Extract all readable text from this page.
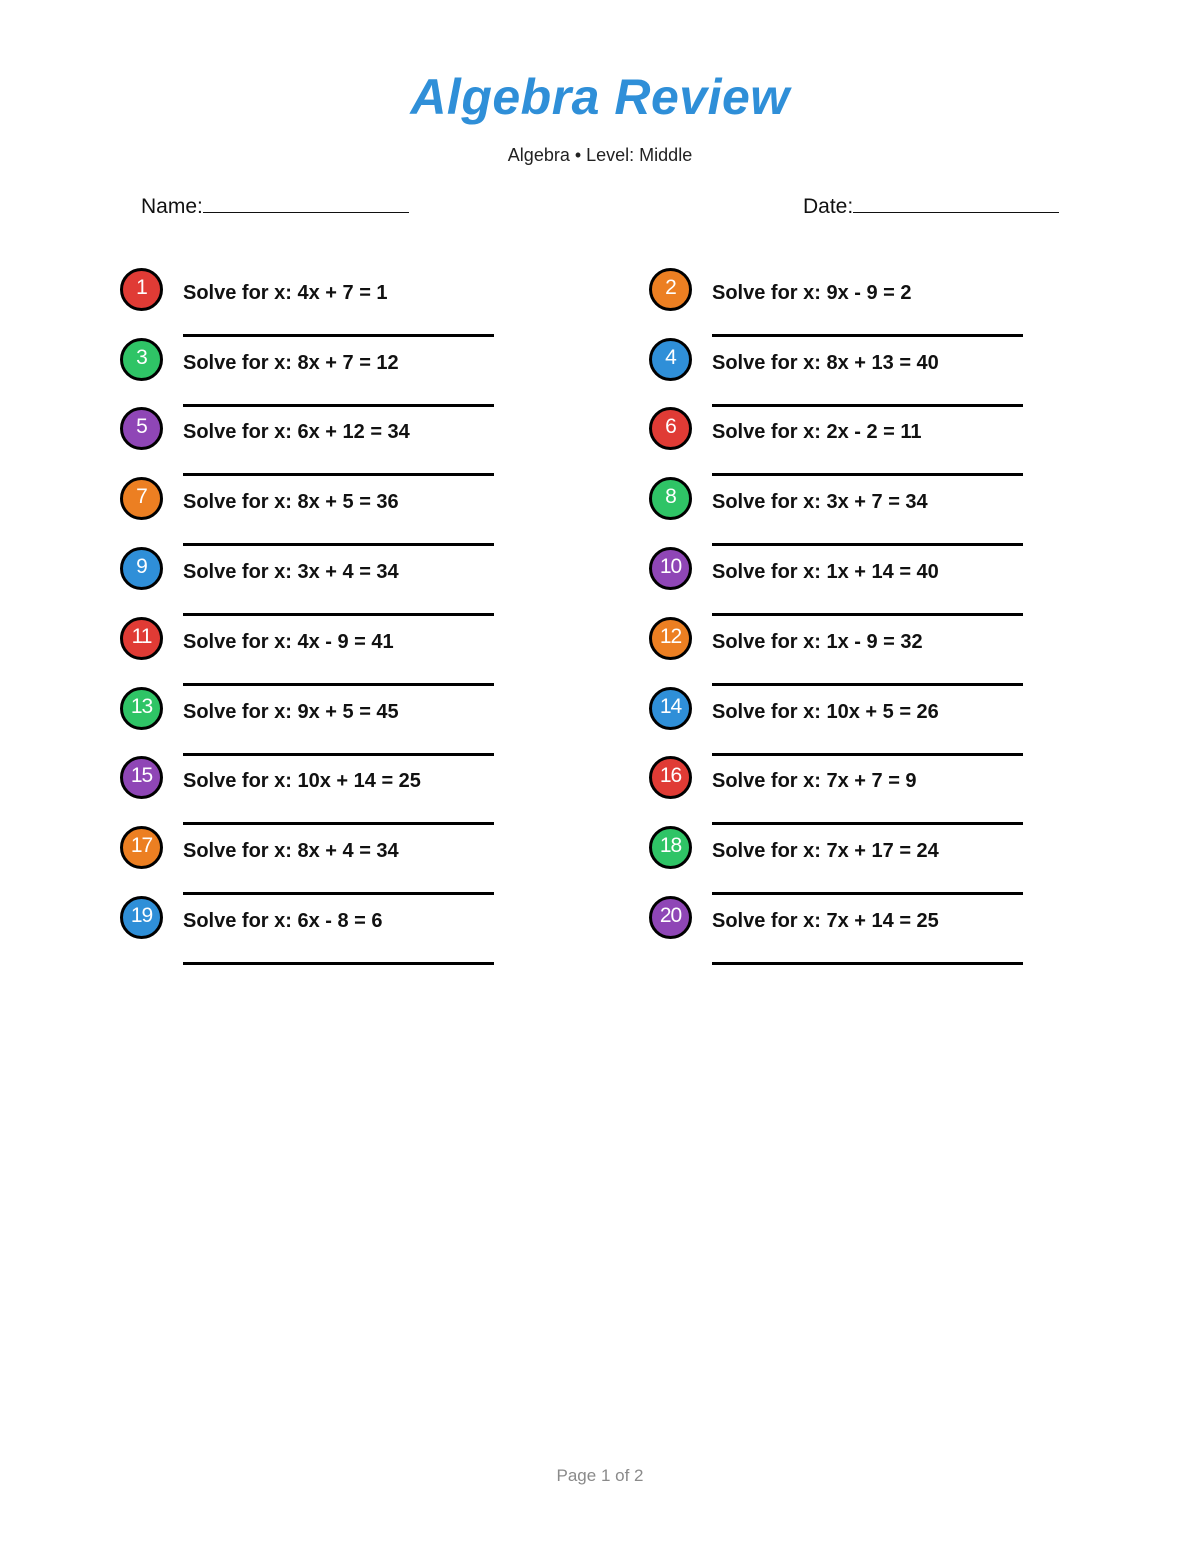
Algebra Review
Algebra • Level: Middle
Name:	Date:
1	Solve for x: 4x + 7 = 1	2	Solve for x: 9x - 9 = 2
3	Solve for x: 8x + 7 = 12	4	Solve for x: 8x + 13 = 40
5	Solve for x: 6x + 12 = 34	6	Solve for x: 2x - 2 = 11
7	Solve for x: 8x + 5 = 36	8	Solve for x: 3x + 7 = 34
9	Solve for x: 3x + 4 = 34	10	Solve for x: 1x + 14 = 40
11	Solve for x: 4x - 9 = 41	12	Solve for x: 1x - 9 = 32
13	Solve for x: 9x + 5 = 45	14	Solve for x: 10x + 5 = 26
15	Solve for x: 10x + 14 = 25	16	Solve for x: 7x + 7 = 9
17	Solve for x: 8x + 4 = 34	18	Solve for x: 7x + 17 = 24
19	Solve for x: 6x - 8 = 6	20	Solve for x: 7x + 14 = 25
Page 1 of 2
